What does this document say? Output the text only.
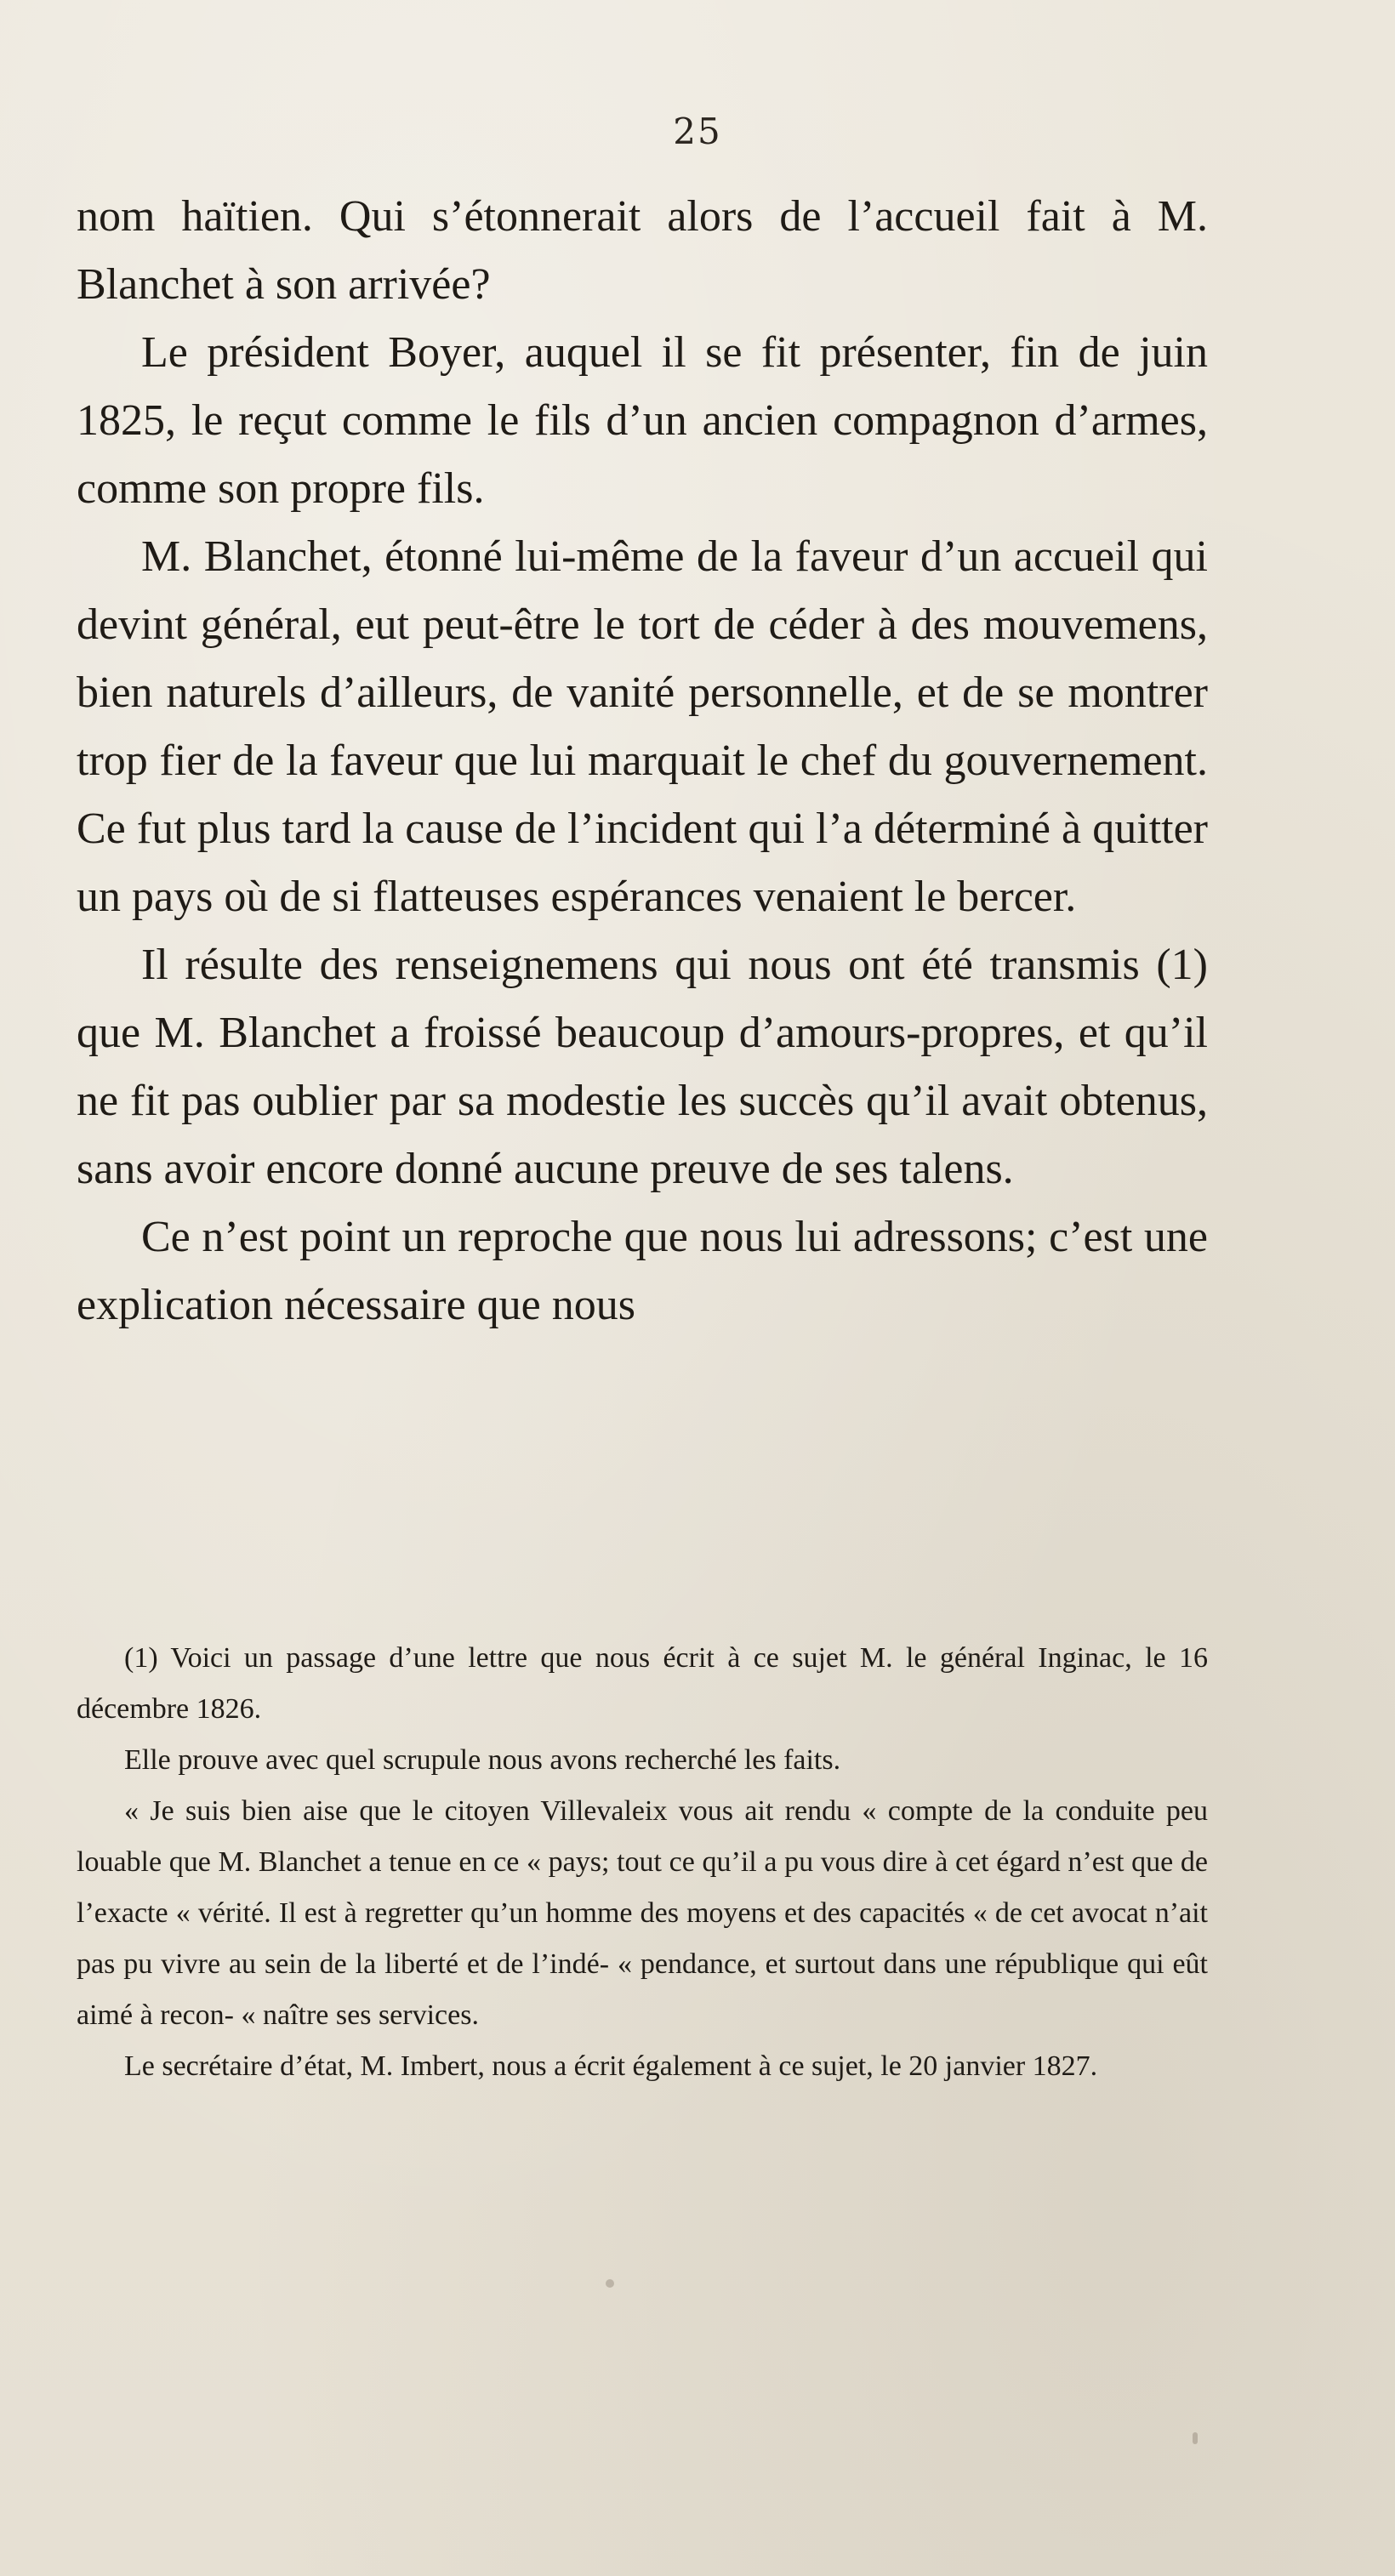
25

nom haïtien. Qui s’étonnerait alors de l’accueil fait à M. Blanchet à son arrivée?

Le président Boyer, auquel il se fit présenter, fin de juin 1825, le reçut comme le fils d’un ancien compagnon d’armes, comme son propre fils.

M. Blanchet, étonné lui-même de la faveur d’un accueil qui devint général, eut peut-être le tort de céder à des mouvemens, bien naturels d’ailleurs, de vanité personnelle, et de se montrer trop fier de la faveur que lui marquait le chef du gouvernement. Ce fut plus tard la cause de l’incident qui l’a déterminé à quitter un pays où de si flatteuses espérances venaient le bercer.

Il résulte des renseignemens qui nous ont été transmis (1) que M. Blanchet a froissé beaucoup d’amours-propres, et qu’il ne fit pas oublier par sa modestie les succès qu’il avait obtenus, sans avoir encore donné aucune preuve de ses talens.

Ce n’est point un reproche que nous lui adressons; c’est une explication nécessaire que nous

(1) Voici un passage d’une lettre que nous écrit à ce sujet M. le général Inginac, le 16 décembre 1826.

Elle prouve avec quel scrupule nous avons recherché les faits.

« Je suis bien aise que le citoyen Villevaleix vous ait rendu « compte de la conduite peu louable que M. Blanchet a tenue en ce « pays; tout ce qu’il a pu vous dire à cet égard n’est que de l’exacte « vérité. Il est à regretter qu’un homme des moyens et des capacités « de cet avocat n’ait pas pu vivre au sein de la liberté et de l’indé- « pendance, et surtout dans une république qui eût aimé à recon- « naître ses services.

Le secrétaire d’état, M. Imbert, nous a écrit également à ce sujet, le 20 janvier 1827.
